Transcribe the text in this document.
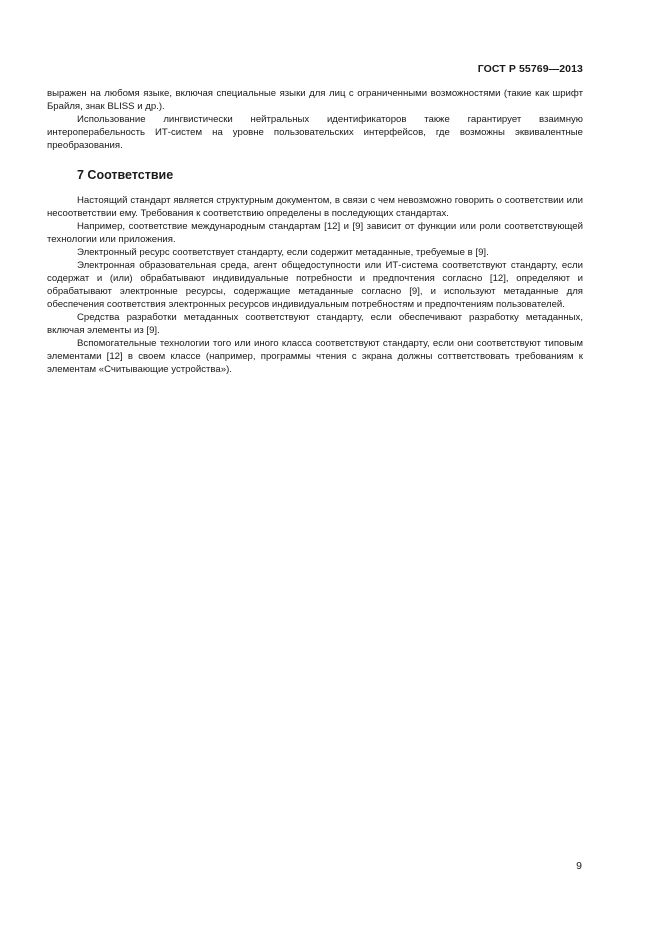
ГОСТ Р 55769—2013

выражен на любомя языке, включая специальные языки для лиц с ограниченными возможностями (такие как шрифт Брайля, знак BLISS и др.).

Использование лингвистически нейтральных идентификаторов также гарантирует взаимную интероперабельность ИТ-систем на уровне пользовательских интерфейсов, где возможны эквивалентные преобразования.

7 Соответствие

Настоящий стандарт является структурным документом, в связи с чем невозможно говорить о соответствии или несоответствии ему. Требования к соответствию определены в последующих стандартах.

Например, соответствие международным стандартам [12] и [9] зависит от функции или роли соответствующей технологии или приложения.

Электронный ресурс соответствует стандарту, если содержит метаданные, требуемые в [9].

Электронная образовательная среда, агент общедоступности или ИТ-система соответствуют стандарту, если содержат и (или) обрабатывают индивидуальные потребности и предпочтения согласно [12], определяют и обрабатывают электронные ресурсы, содержащие метаданные согласно [9], и используют метаданные для обеспечения соответствия электронных ресурсов индивидуальным потребностям и предпочтениям пользователей.

Средства разработки метаданных соответствуют стандарту, если обеспечивают разработку метаданных, включая элементы из [9].

Вспомогательные технологии того или иного класса соответствуют стандарту, если они соответствуют типовым элементами [12] в своем классе (например, программы чтения с экрана должны соттветствовать требованиям к элементам «Считывающие устройства»).

9
